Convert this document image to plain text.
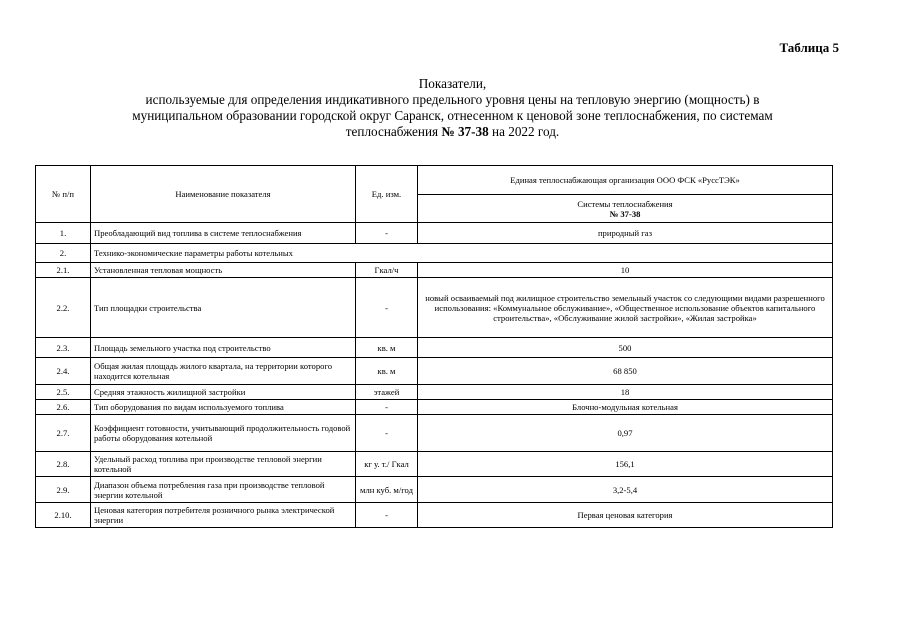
Таблица 5
Показатели,
используемые для определения индикативного предельного уровня цены на тепловую энергию (мощность) в
муниципальном образовании городской округ Саранск, отнесенном к ценовой зоне теплоснабжения, по системам
теплоснабжения № 37-38 на 2022 год.
№ п/п	Наименование показателя	Ед. изм.	Единая теплоснабжающая организация ООО ФСК «РуссТЭК»

			Системы теплоснабжения
№ 37-38

1.	Преобладающий вид топлива в системе теплоснабжения	-	природный газ
2.	Технико-экономические параметры работы котельных		
2.1.	Установленная тепловая мощность	Гкал/ч	10
2.2.	Тип площадки строительства	-	новый осваиваемый под жилищное строительство земельный участок со следующими видами разрешенного использования: «Коммунальное обслуживание», «Общественное использование объектов капитального строительства», «Обслуживание жилой застройки», «Жилая застройка»
2.3.	Площадь земельного участка под строительство	кв. м	500
2.4.	Общая жилая площадь жилого квартала, на территории которого находится котельная	кв. м	68 850
2.5.	Средняя этажность жилищной застройки	этажей	18
2.6.	Тип оборудования по видам используемого топлива	-	Блочно-модульная котельная
2.7.	Коэффициент готовности, учитывающий продолжительность годовой работы оборудования котельной	-	0,97
2.8.	Удельный расход топлива при производстве тепловой энергии котельной	кг у. т./ Гкал	156,1
2.9.	Диапазон объема потребления газа при производстве тепловой энергии котельной	млн куб. м/год	3,2-5,4
2.10.	Ценовая категория потребителя розничного рынка электрической энергии	-	Первая ценовая категория
